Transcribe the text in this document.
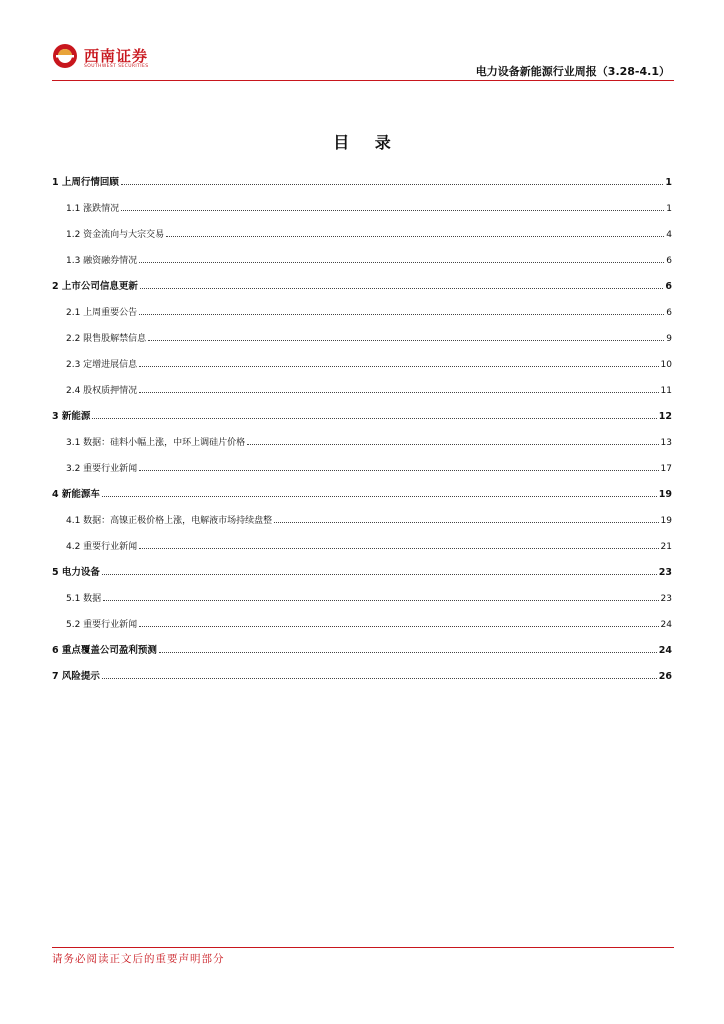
西南证券
SOUTHWEST SECURITIES	电力设备新能源行业周报（3.28-4.1）
目 录
1 上周行情回顾	1
1.1 涨跌情况	1
1.2 资金流向与大宗交易	4
1.3 融资融券情况	6
2 上市公司信息更新	6
2.1 上周重要公告	6
2.2 限售股解禁信息	9
2.3 定增进展信息	10
2.4 股权质押情况	11
3 新能源	12
3.1 数据：硅料小幅上涨，中环上调硅片价格	13
3.2 重要行业新闻	17
4 新能源车	19
4.1 数据：高镍正极价格上涨，电解液市场持续盘整	19
4.2 重要行业新闻	21
5 电力设备	23
5.1 数据	23
5.2 重要行业新闻	24
6 重点覆盖公司盈利预测	24
7 风险提示	26
请务必阅读正文后的重要声明部分
